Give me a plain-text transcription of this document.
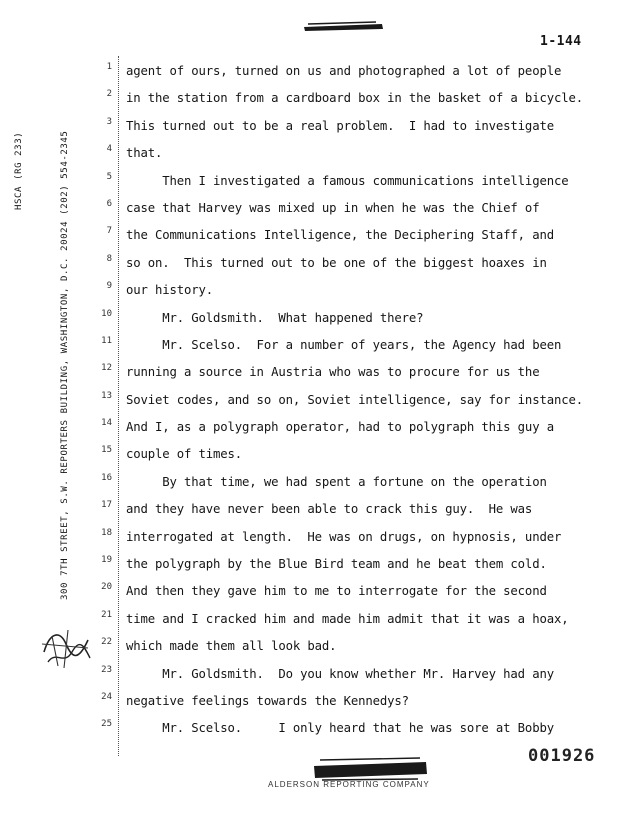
1-144
HSCA (RG 233)	300 7TH STREET, S.W. REPORTERS BUILDING, WASHINGTON, D.C. 20024 (202) 554-2345
1
2
3
4
5
6
7
8
9
10
11
12
13
14
15
16
17
18
19
20
21
22
23
24
25
agent of ours, turned on us and photographed a lot of people
in the station from a cardboard box in the basket of a bicycle.
This turned out to be a real problem.  I had to investigate
that.
Then I investigated a famous communications intelligence
case that Harvey was mixed up in when he was the Chief of
the Communications Intelligence, the Deciphering Staff, and
so on.  This turned out to be one of the biggest hoaxes in
our history.
Mr. Goldsmith.  What happened there?
Mr. Scelso.  For a number of years, the Agency had been
running a source in Austria who was to procure for us the
Soviet codes, and so on, Soviet intelligence, say for instance.
And I, as a polygraph operator, had to polygraph this guy a
couple of times.
By that time, we had spent a fortune on the operation
and they have never been able to crack this guy.  He was
interrogated at length.  He was on drugs, on hypnosis, under
the polygraph by the Blue Bird team and he beat them cold.
And then they gave him to me to interrogate for the second
time and I cracked him and made him admit that it was a hoax,
which made them all look bad.
Mr. Goldsmith.  Do you know whether Mr. Harvey had any
negative feelings towards the Kennedys?
Mr. Scelso.     I only heard that he was sore at Bobby
001926
ALDERSON REPORTING COMPANY
